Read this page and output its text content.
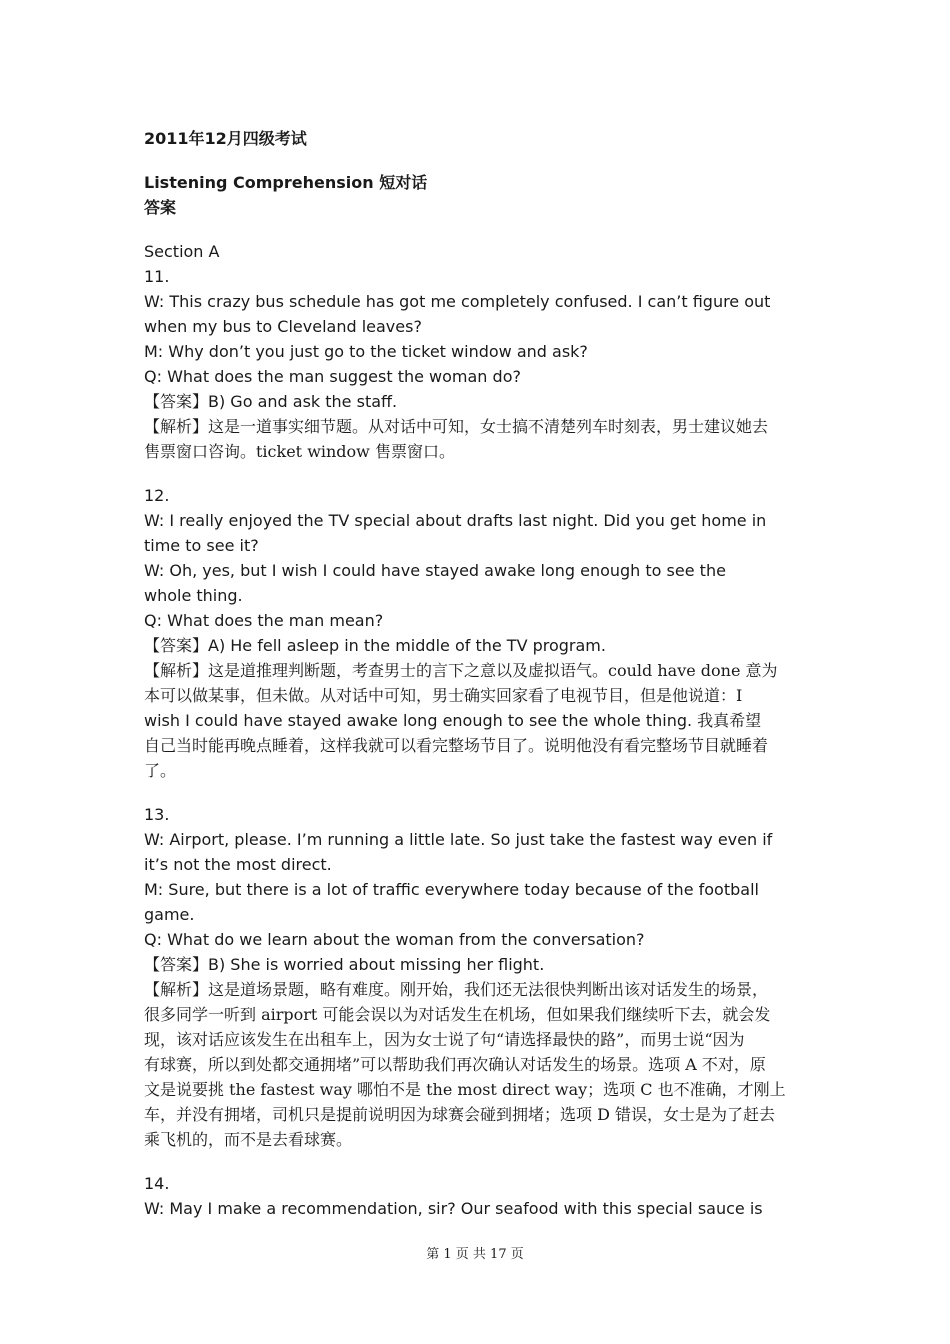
2011年12月四级考试
Listening Comprehension 短对话
答案
Section A
11.
W: This crazy bus schedule has got me completely confused. I can’t figure out
when my bus to Cleveland leaves?
M: Why don’t you just go to the ticket window and ask?
Q: What does the man suggest the woman do?
【答案】B) Go and ask the staff.
【解析】这是一道事实细节题。从对话中可知，女士搞不清楚列车时刻表，男士建议她去
售票窗口咨询。ticket window 售票窗口。
12.
W: I really enjoyed the TV special about drafts last night. Did you get home in
time to see it?
W: Oh, yes, but I wish I could have stayed awake long enough to see the
whole thing.
Q: What does the man mean?
【答案】A) He fell asleep in the middle of the TV program.
【解析】这是道推理判断题，考查男士的言下之意以及虚拟语气。could have done 意为
本可以做某事，但未做。从对话中可知，男士确实回家看了电视节目，但是他说道：I
wish I could have stayed awake long enough to see the whole thing. 我真希望
自己当时能再晚点睡着，这样我就可以看完整场节目了。说明他没有看完整场节目就睡着
了。
13.
W: Airport, please. I’m running a little late. So just take the fastest way even if
it’s not the most direct.
M: Sure, but there is a lot of traffic everywhere today because of the football
game.
Q: What do we learn about the woman from the conversation?
【答案】B) She is worried about missing her flight.
【解析】这是道场景题，略有难度。刚开始，我们还无法很快判断出该对话发生的场景，
很多同学一听到 airport 可能会误以为对话发生在机场，但如果我们继续听下去，就会发
现，该对话应该发生在出租车上，因为女士说了句“请选择最快的路”，而男士说“因为
有球赛，所以到处都交通拥堵”可以帮助我们再次确认对话发生的场景。选项 A 不对，原
文是说要挑 the fastest way 哪怕不是 the most direct way；选项 C 也不准确，才刚上
车，并没有拥堵，司机只是提前说明因为球赛会碰到拥堵；选项 D 错误，女士是为了赶去
乘飞机的，而不是去看球赛。
14.
W: May I make a recommendation, sir? Our seafood with this special sauce is
第 1 页 共 17 页
